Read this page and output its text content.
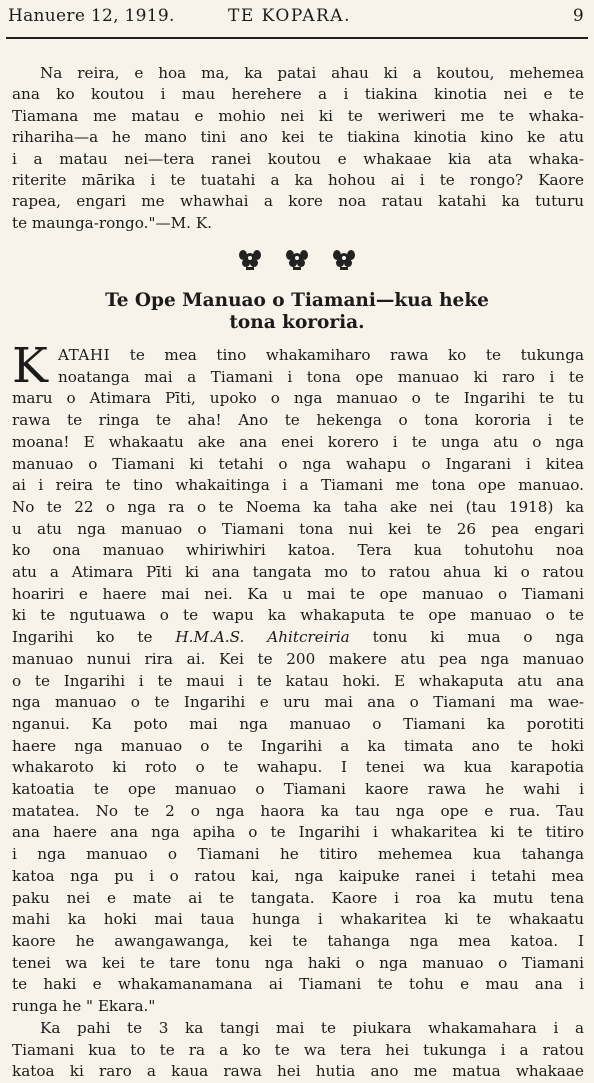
Hanuere 12, 1919.	TE KOPARA.	9
Na reira, e hoa ma, ka patai ahau ki a koutou, mehemea
ana ko koutou i mau herehere a i tiakina kinotia nei e te
Tiamana me matau e mohio nei ki te weriweri me te whaka-
rihariha—a he mano tini ano kei te tiakina kinotia kino ke atu
i a matau nei—tera ranei koutou e whakaae kia ata whaka-
riterite mārika i te tuatahi a ka hohou ai i te rongo? Kaore
rapea, engari me whawhai a kore noa ratau katahi ka tuturu
te maunga-rongo."—M. K.

Te Ope Manuao o Tiamani—kua heke
tona kororia.
K ATAHI te mea tino whakamiharo rawa ko te tukunga
noatanga mai a Tiamani i tona ope manuao ki raro i te
maru o Atimara Pīti, upoko o nga manuao o te Ingarihi te tu
rawa te ringa te aha! Ano te hekenga o tona kororia i te
moana! E whakaatu ake ana enei korero i te unga atu o nga
manuao o Tiamani ki tetahi o nga wahapu o Ingarani i kitea
ai i reira te tino whakaitinga i a Tiamani me tona ope manuao.
No te 22 o nga ra o te Noema ka taha ake nei (tau 1918) ka
u atu nga manuao o Tiamani tona nui kei te 26 pea engari
ko ona manuao whiriwhiri katoa. Tera kua tohutohu noa
atu a Atimara Pīti ki ana tangata mo to ratou ahua ki o ratou
hoariri e haere mai nei. Ka u mai te ope manuao o Tiamani
ki te ngutuawa o te wapu ka whakaputa te ope manuao o te
Ingarihi ko te H.M.A.S. Ahitcreiria tonu ki mua o nga
manuao nunui rira ai. Kei te 200 makere atu pea nga manuao
o te Ingarihi i te maui i te katau hoki. E whakaputa atu ana
nga manuao o te Ingarihi e uru mai ana o Tiamani ma wae-
nganui. Ka poto mai nga manuao o Tiamani ka porotiti
haere nga manuao o te Ingarihi a ka timata ano te hoki
whakaroto ki roto o te wahapu. I tenei wa kua karapotia
katoatia te ope manuao o Tiamani kaore rawa he wahi i
matatea. No te 2 o nga haora ka tau nga ope e rua. Tau
ana haere ana nga apiha o te Ingarihi i whakaritea ki te titiro
i nga manuao o Tiamani he titiro mehemea kua tahanga
katoa nga pu i o ratou kai, nga kaipuke ranei i tetahi mea
paku nei e mate ai te tangata. Kaore i roa ka mutu tena
mahi ka hoki mai taua hunga i whakaritea ki te whakaatu
kaore he awangawanga, kei te tahanga nga mea katoa. I
tenei wa kei te tare tonu nga haki o nga manuao o Tiamani
te haki e whakamanamana ai Tiamani te tohu e mau ana i
runga he " Ekara."
Ka pahi te 3 ka tangi mai te piukara whakamahara i a
Tiamani kua to te ra a ko te wa tera hei tukunga i a ratou
katoa ki raro a kaua rawa hei hutia ano me matua whakaae
